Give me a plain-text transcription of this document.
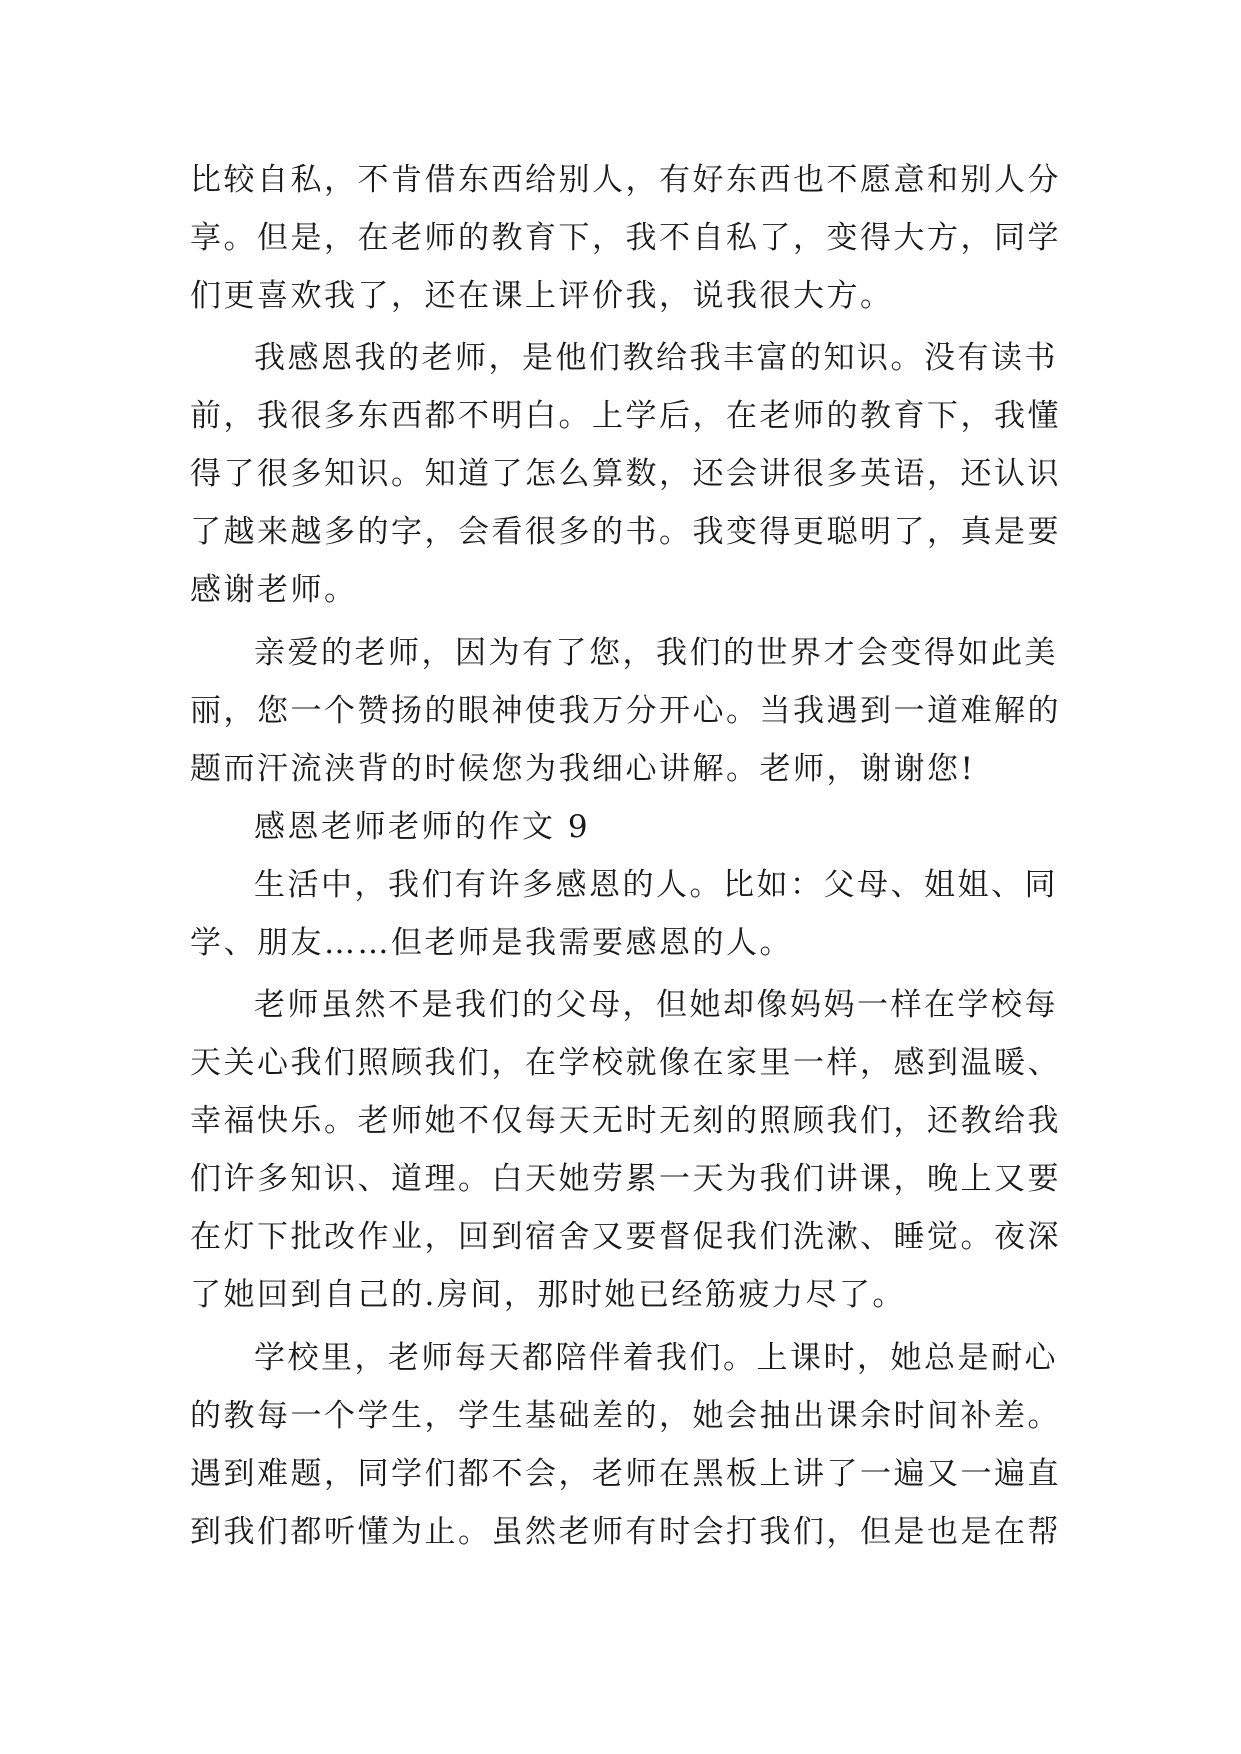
比较自私，不肯借东西给别人，有好东西也不愿意和别人分
享。但是，在老师的教育下，我不自私了，变得大方，同学
们更喜欢我了，还在课上评价我，说我很大方。
我感恩我的老师，是他们教给我丰富的知识。没有读书
前，我很多东西都不明白。上学后，在老师的教育下，我懂
得了很多知识。知道了怎么算数，还会讲很多英语，还认识
了越来越多的字，会看很多的书。我变得更聪明了，真是要
感谢老师。
亲爱的老师，因为有了您，我们的世界才会变得如此美
丽，您一个赞扬的眼神使我万分开心。当我遇到一道难解的
题而汗流浃背的时候您为我细心讲解。老师，谢谢您!
感恩老师老师的作文 9
生活中，我们有许多感恩的人。比如：父母、姐姐、同
学、朋友……但老师是我需要感恩的人。
老师虽然不是我们的父母，但她却像妈妈一样在学校每
天关心我们照顾我们，在学校就像在家里一样，感到温暖、
幸福快乐。老师她不仅每天无时无刻的照顾我们，还教给我
们许多知识、道理。白天她劳累一天为我们讲课，晚上又要
在灯下批改作业，回到宿舍又要督促我们洗漱、睡觉。夜深
了她回到自己的.房间，那时她已经筋疲力尽了。
学校里，老师每天都陪伴着我们。上课时，她总是耐心
的教每一个学生，学生基础差的，她会抽出课余时间补差。
遇到难题，同学们都不会，老师在黑板上讲了一遍又一遍直
到我们都听懂为止。虽然老师有时会打我们，但是也是在帮
